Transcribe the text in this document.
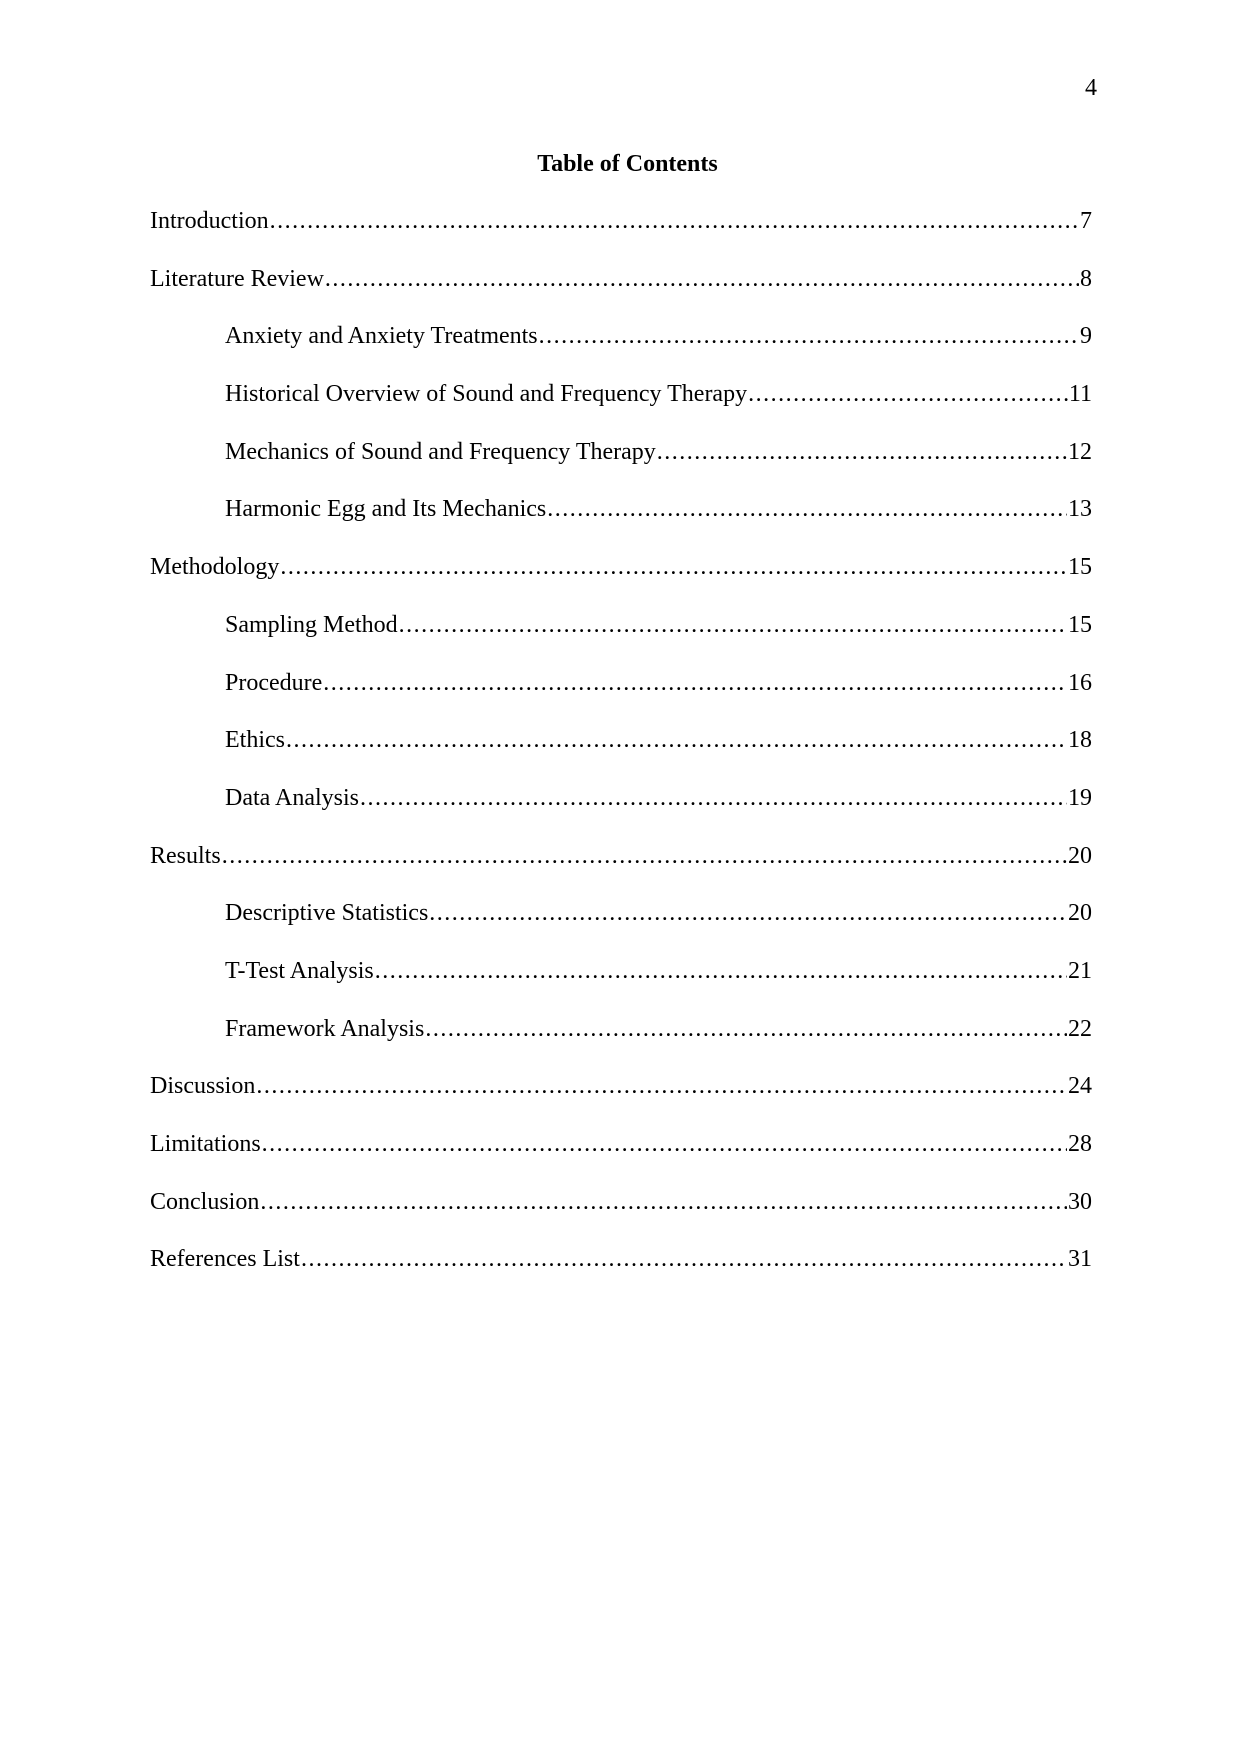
4
Table of Contents
Introduction .....	7
Literature Review .....	8
Anxiety and Anxiety Treatments .....	9
Historical Overview of Sound and Frequency Therapy .....	11
Mechanics of Sound and Frequency Therapy .....	12
Harmonic Egg and Its Mechanics .....	13
Methodology .....	15
Sampling Method .....	15
Procedure .....	16
Ethics .....	18
Data Analysis .....	19
Results .....	20
Descriptive Statistics .....	20
T-Test Analysis .....	21
Framework Analysis .....	22
Discussion .....	24
Limitations .....	28
Conclusion .....	30
References List .....	31
